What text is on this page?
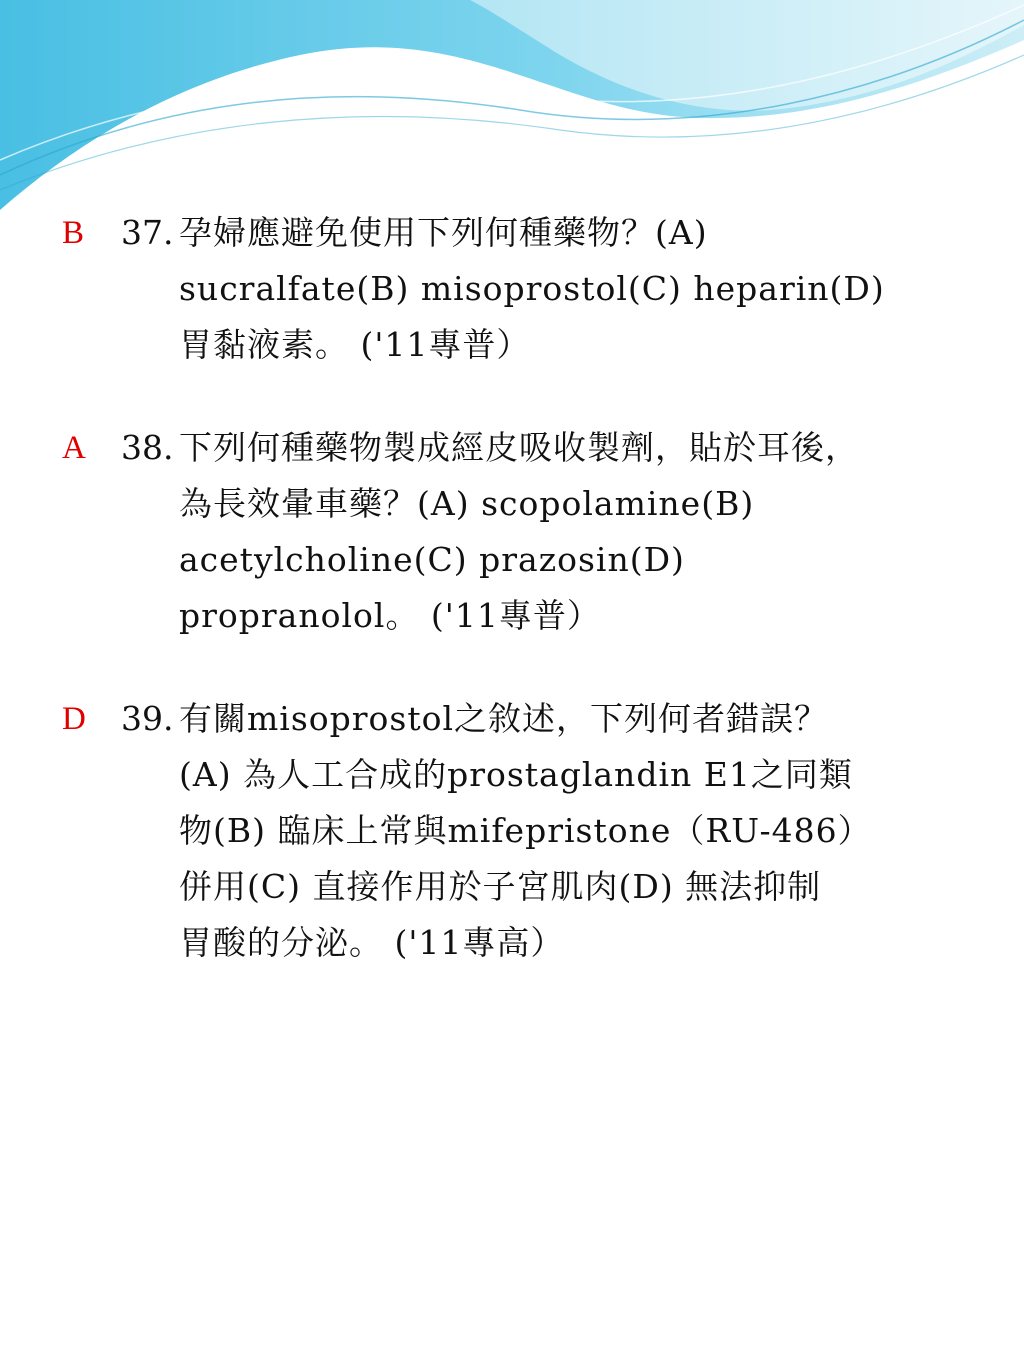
B 37. 孕婦應避免使用下列何種藥物？(A)
sucralfate(B) misoprostol(C) heparin(D)
胃黏液素。 ('11專普）
A 38. 下列何種藥物製成經皮吸收製劑，貼於耳後，
為長效暈車藥？(A) scopolamine(B)
acetylcholine(C) prazosin(D)
propranolol。 ('11專普）
D 39. 有關misoprostol之敘述，下列何者錯誤？
(A) 為人工合成的prostaglandin E1之同類
物(B) 臨床上常與mifepristone（RU-486）
併用(C) 直接作用於子宮肌肉(D) 無法抑制
胃酸的分泌。 ('11專高）
